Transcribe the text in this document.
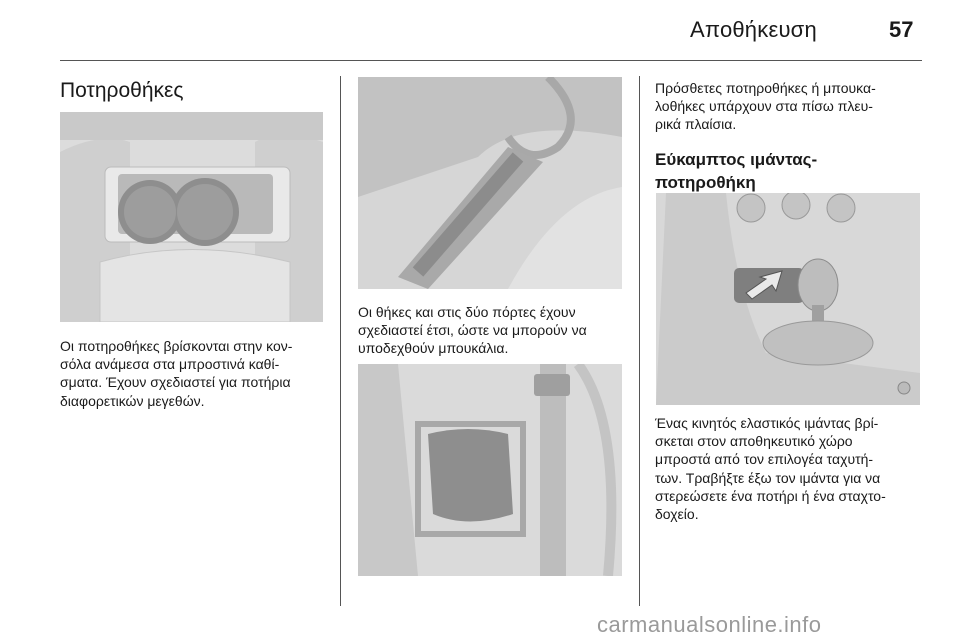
Αποθήκευση	57
Ποτηροθήκες
Οι ποτηροθήκες βρίσκονται στην κον-
σόλα ανάμεσα στα μπροστινά καθί-
σματα. Έχουν σχεδιαστεί για ποτήρια
διαφορετικών μεγεθών.
Οι θήκες και στις δύο πόρτες έχουν
σχεδιαστεί έτσι, ώστε να μπορούν να
υποδεχθούν μπουκάλια.
Πρόσθετες ποτηροθήκες ή μπουκα-
λοθήκες υπάρχουν στα πίσω πλευ-
ρικά πλαίσια.
Εύκαμπτος ιμάντας-
ποτηροθήκη
Ένας κινητός ελαστικός ιμάντας βρί-
σκεται στον αποθηκευτικό χώρο
μπροστά από τον επιλογέα ταχυτή-
των. Τραβήξτε έξω τον ιμάντα για να
στερεώσετε ένα ποτήρι ή ένα σταχτο-
δοχείο.
carmanualsonline.info
